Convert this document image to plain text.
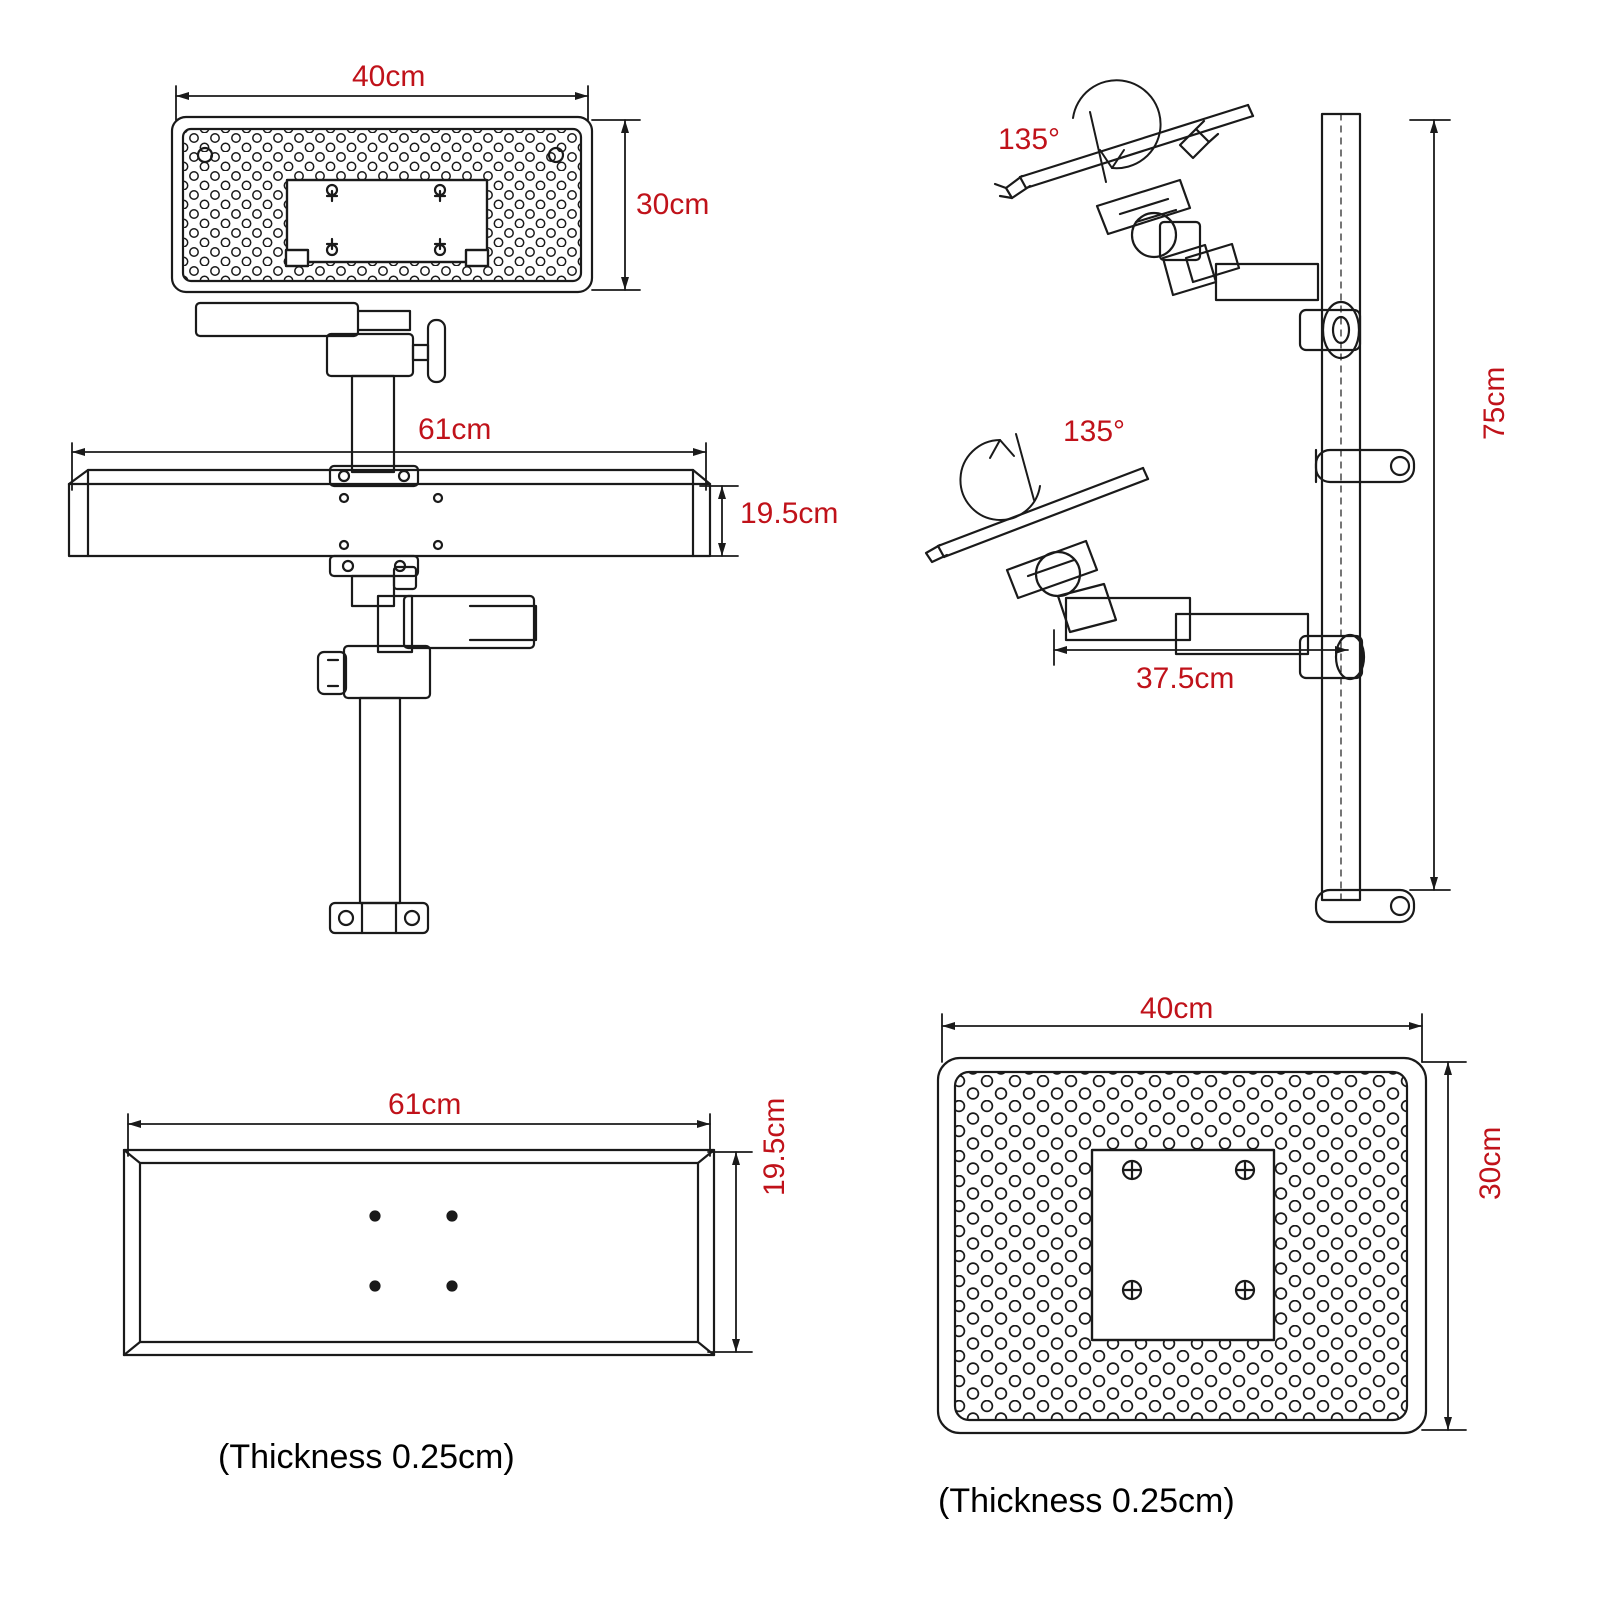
40cm
30cm
61cm
19.5cm
75cm
37.5cm
135°
135°
61cm	19.5cm
40cm
30cm
(Thickness 0.25cm)
(Thickness 0.25cm)
